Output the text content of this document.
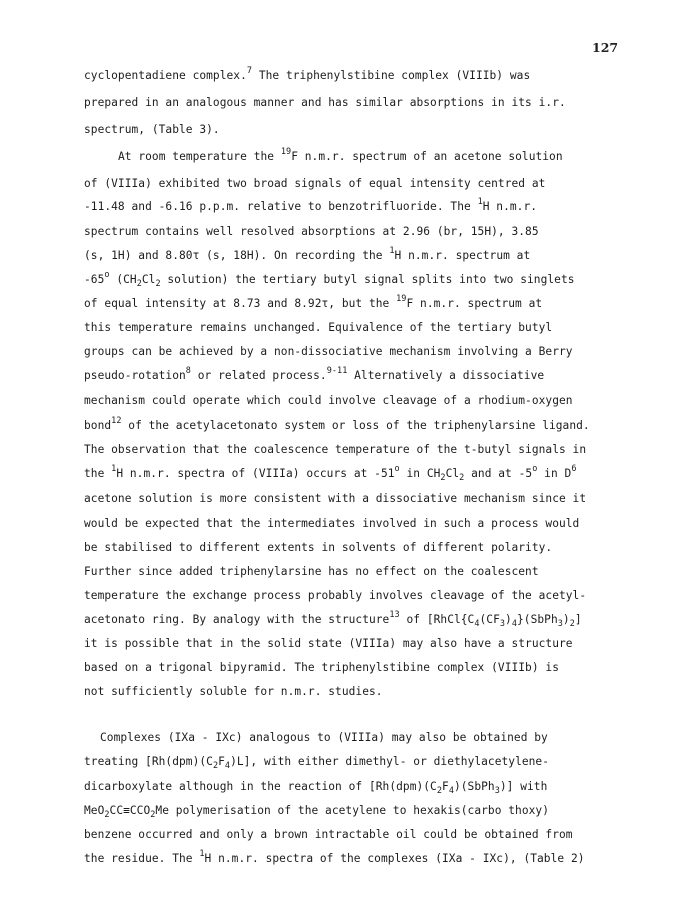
127
cyclopentadiene complex.$^7$ The triphenylstibine complex (VIIIb) was
prepared in an analogous manner and has similar absorptions in its i.r.
spectrum, (Table 3).
At room temperature the $^{19}$F n.m.r. spectrum of an acetone solution
of (VIIIa) exhibited two broad signals of equal intensity centred at
-11.48 and -6.16 p.p.m. relative to benzotrifluoride. The $^1$H n.m.r.
spectrum contains well resolved absorptions at 2.96 (br, 15H), 3.85
(s, 1H) and 8.80τ (s, 18H). On recording the $^1$H n.m.r. spectrum at
-65$^o$ ($CH_2Cl_2$ solution) the tertiary butyl signal splits into two singlets
of equal intensity at 8.73 and 8.92τ, but the $^{19}$F n.m.r. spectrum at
this temperature remains unchanged. Equivalence of the tertiary butyl
groups can be achieved by a non-dissociative mechanism involving a Berry
pseudo-rotation$^8$ or related process.$^{9-11}$ Alternatively a dissociative
mechanism could operate which could involve cleavage of a rhodium-oxygen
bond$^{12}$ of the acetylacetonato system or loss of the triphenylarsine ligand.
The observation that the coalescence temperature of the t-butyl signals in
the $^1$H n.m.r. spectra of (VIIIa) occurs at -51$^o$ in $CH_2Cl_2$ and at -5$^o$ in $D^6$
acetone solution is more consistent with a dissociative mechanism since it
would be expected that the intermediates involved in such a process would
be stabilised to different extents in solvents of different polarity.
Further since added triphenylarsine has no effect on the coalescent
temperature the exchange process probably involves cleavage of the acetyl-
acetonato ring. By analogy with the structure$^{13}$ of $[RhCl\{C_4(CF_3)_4\}(SbPh_3)_2]$
it is possible that in the solid state (VIIIa) may also have a structure
based on a trigonal bipyramid. The triphenylstibine complex (VIIIb) is
not sufficiently soluble for n.m.r. studies.
Complexes (IXa - IXc) analogous to (VIIIa) may also be obtained by
treating $[Rh(dpm)(C_2F_4)L]$, with either dimethyl- or diethylacetylene-
dicarboxylate although in the reaction of $[Rh(dpm)(C_2F_4)(SbPh_3)]$ with
$MeO_2CC\equiv CCO_2Me$ polymerisation of the acetylene to hexakis(carbo thoxy)
benzene occurred and only a brown intractable oil could be obtained from
the residue. The $^1$H n.m.r. spectra of the complexes (IXa - IXc), (Table 2)
